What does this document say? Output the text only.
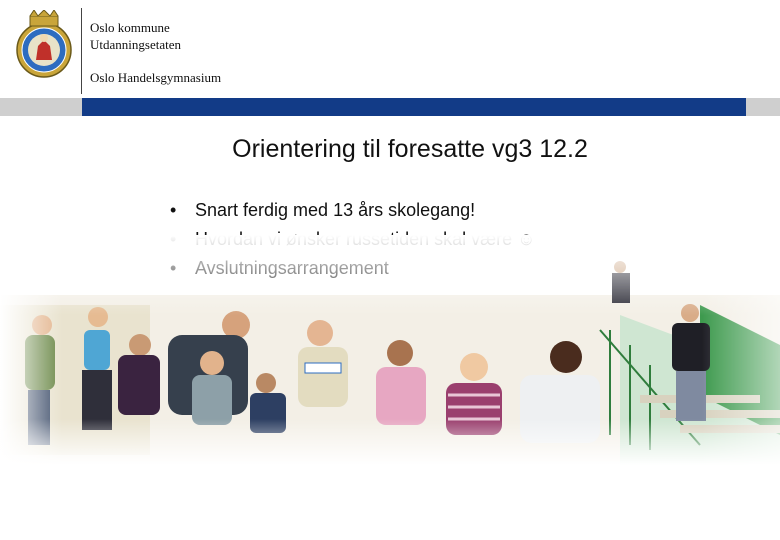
Oslo kommune
Utdanningsetaten
Oslo Handelsgymnasium
Orientering til foresatte vg3 12.2
• Snart ferdig med 13 års skolegang!
